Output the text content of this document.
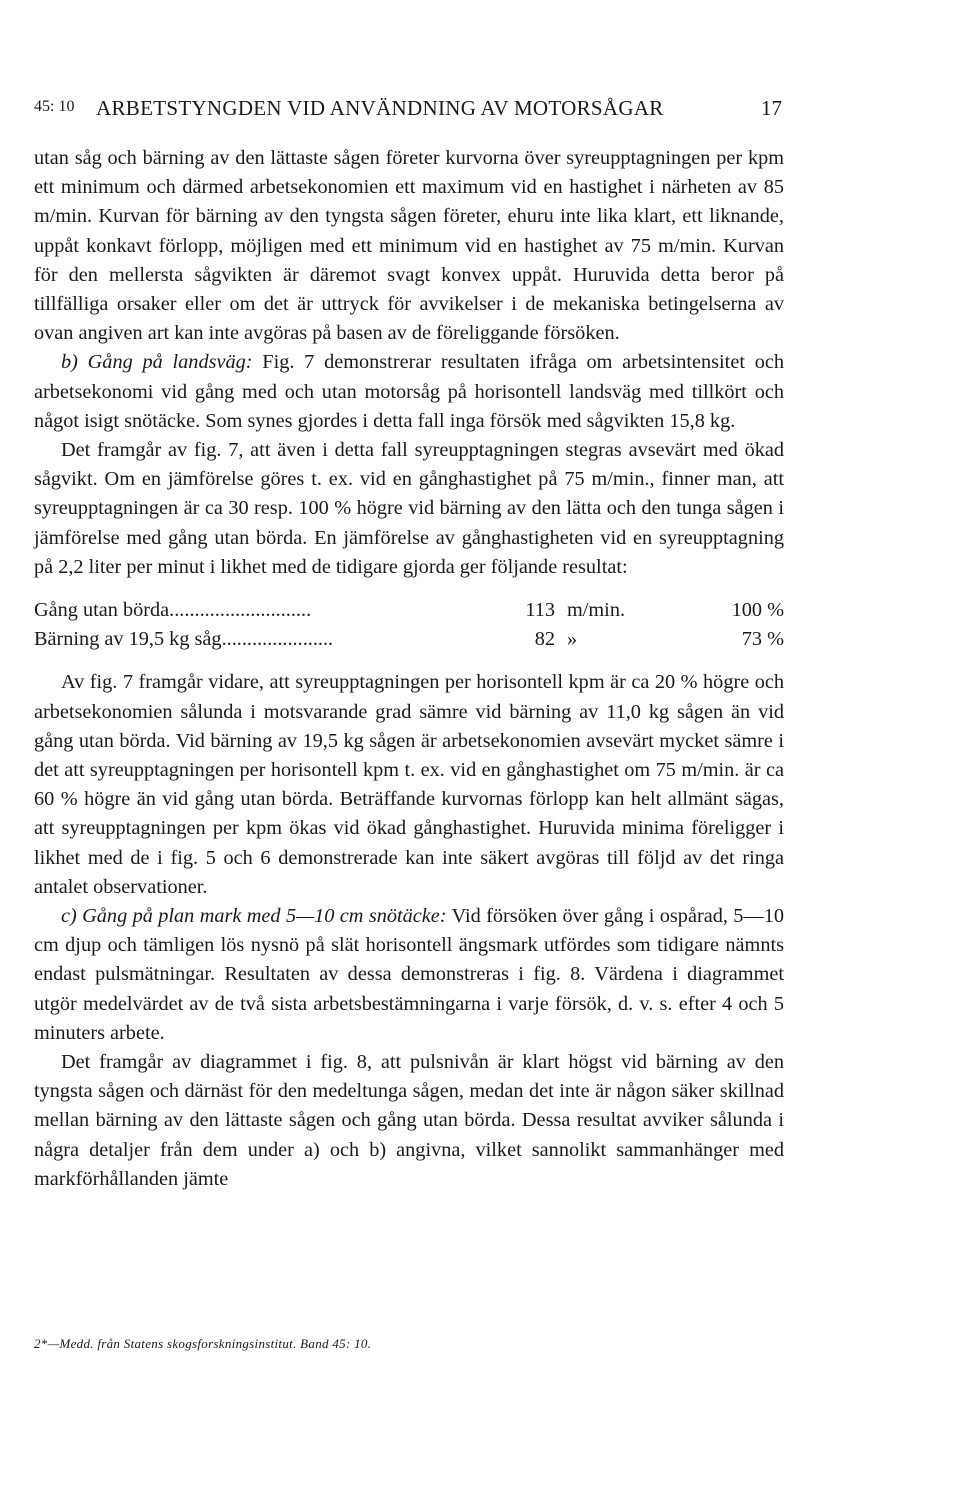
45: 10 ARBETSTYNGDEN VID ANVÄNDNING AV MOTORSÅGAR	17

utan såg och bärning av den lättaste sågen företer kurvorna över syreupptagningen per kpm ett minimum och därmed arbetsekonomien ett maximum vid en hastighet i närheten av 85 m/min. Kurvan för bärning av den tyngsta sågen företer, ehuru inte lika klart, ett liknande, uppåt konkavt förlopp, möjligen med ett minimum vid en hastighet av 75 m/min. Kurvan för den mellersta sågvikten är däremot svagt konvex uppåt. Huruvida detta beror på tillfälliga orsaker eller om det är uttryck för avvikelser i de mekaniska betingelserna av ovan angiven art kan inte avgöras på basen av de föreliggande försöken.

b) Gång på landsväg: Fig. 7 demonstrerar resultaten ifråga om arbetsintensitet och arbetsekonomi vid gång med och utan motorsåg på horisontell landsväg med tillkört och något isigt snötäcke. Som synes gjordes i detta fall inga försök med sågvikten 15,8 kg.

Det framgår av fig. 7, att även i detta fall syreupptagningen stegras avsevärt med ökad sågvikt. Om en jämförelse göres t. ex. vid en gånghastighet på 75 m/min., finner man, att syreupptagningen är ca 30 resp. 100 % högre vid bärning av den lätta och den tunga sågen i jämförelse med gång utan börda. En jämförelse av gånghastigheten vid en syreupptagning på 2,2 liter per minut i likhet med de tidigare gjorda ger följande resultat:

Gång utan börda............................	113 m/min.	100 %
Bärning av 19,5 kg såg......................	82 »	73 %

Av fig. 7 framgår vidare, att syreupptagningen per horisontell kpm är ca 20 % högre och arbetsekonomien sålunda i motsvarande grad sämre vid bärning av 11,0 kg sågen än vid gång utan börda. Vid bärning av 19,5 kg sågen är arbetsekonomien avsevärt mycket sämre i det att syreupptagningen per horisontell kpm t. ex. vid en gånghastighet om 75 m/min. är ca 60 % högre än vid gång utan börda. Beträffande kurvornas förlopp kan helt allmänt sägas, att syreupptagningen per kpm ökas vid ökad gånghastighet. Huruvida minima föreligger i likhet med de i fig. 5 och 6 demonstrerade kan inte säkert avgöras till följd av det ringa antalet observationer.

c) Gång på plan mark med 5—10 cm snötäcke: Vid försöken över gång i ospårad, 5—10 cm djup och tämligen lös nysnö på slät horisontell ängsmark utfördes som tidigare nämnts endast pulsmätningar. Resultaten av dessa demonstreras i fig. 8. Värdena i diagrammet utgör medelvärdet av de två sista arbetsbestämningarna i varje försök, d. v. s. efter 4 och 5 minuters arbete.

Det framgår av diagrammet i fig. 8, att pulsnivån är klart högst vid bärning av den tyngsta sågen och därnäst för den medeltunga sågen, medan det inte är någon säker skillnad mellan bärning av den lättaste sågen och gång utan börda. Dessa resultat avviker sålunda i några detaljer från dem under a) och b) angivna, vilket sannolikt sammanhänger med markförhållanden jämte

2*—Medd. från Statens skogsforskningsinstitut. Band 45: 10.
